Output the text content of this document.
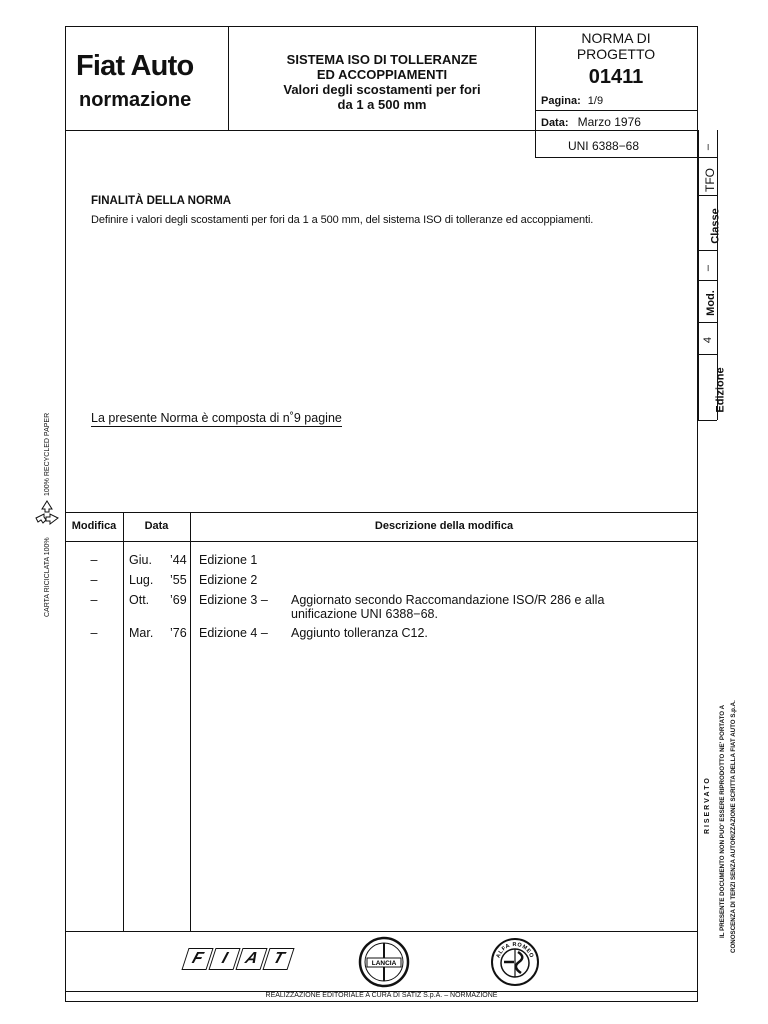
Fiat Auto
normazione
SISTEMA ISO DI TOLLERANZE
ED ACCOPPIAMENTI
Valori degli scostamenti per fori
da 1 a 500 mm
NORMA DI
PROGETTO
01411
Pagina: 1/9
Data: Marzo 1976
UNI 6388−68	–
TFO
Classe
–
Mod.
4
Edizione
FINALITÀ DELLA NORMA
Definire i valori degli scostamenti per fori da 1 a 500 mm, del sistema ISO di tolleranze ed accoppiamenti.
La presente Norma è composta di n˚9 pagine
Modifica	Data	Descrizione della modifica
–	Giu. ’44 Edizione 1
–	Lug. ’55 Edizione 2
–	Ott. ’69 Edizione 3 – Aggiornato secondo Raccomandazione ISO/R 286 e alla
unificazione UNI 6388−68.
–	Mar. ’76 Edizione 4 – Aggiunto tolleranza C12.
F I A T	LANCIA
ALFA ROMEO
REALIZZAZIONE EDITORIALE A CURA DI SATIZ S.p.A. – NORMAZIONE
CARTA RICICLATA 100%
100% RECYCLED PAPER
R I S E R V A T O IL PRESENTE DOCUMENTO NON PUO' ESSERE RIPRODOTTO NE' PORTATO A CONOSCENZA DI TERZI SENZA AUTORIZZAZIONE SCRITTA DELLA FIAT AUTO S.p.A.
